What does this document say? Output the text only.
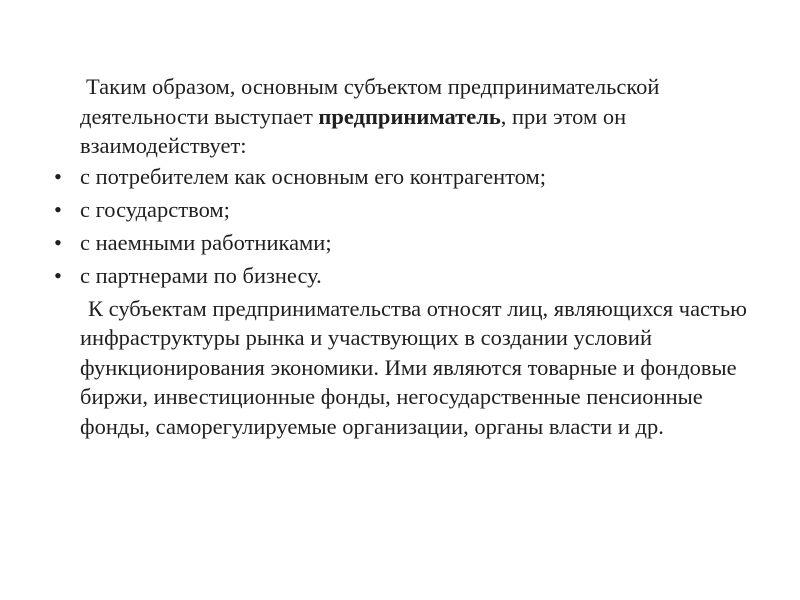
Таким образом, основным субъектом предпринимательской деятельности выступает предприниматель, при этом он взаимодействует:

• с потребителем как основным его контрагентом;
• с государством;
• с наемными работниками;
• с партнерами по бизнесу.

К субъектам предпринимательства относят лиц, являющихся частью инфраструктуры рынка и участвующих в создании условий функционирования экономики. Ими являются товарные и фондовые биржи, инвестиционные фонды, негосударственные пенсионные фонды, саморегулируемые организации, органы власти и др.
